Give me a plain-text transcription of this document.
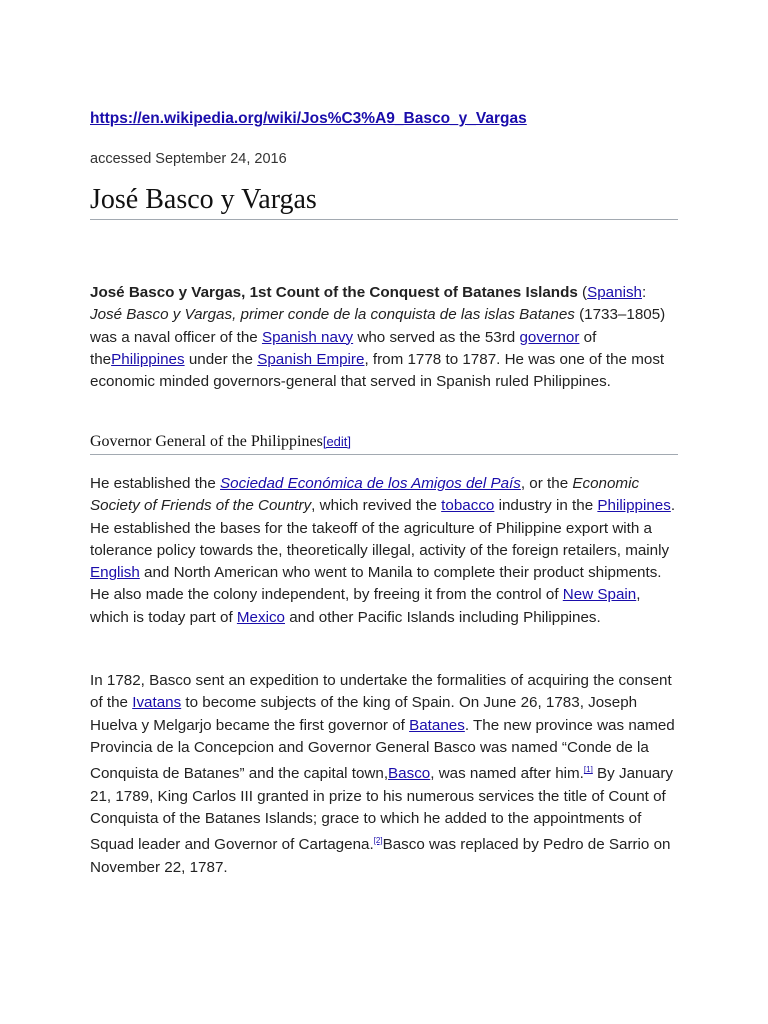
https://en.wikipedia.org/wiki/Jos%C3%A9_Basco_y_Vargas
accessed September 24, 2016
José Basco y Vargas

José Basco y Vargas, 1st Count of the Conquest of Batanes Islands (Spanish: José Basco y Vargas, primer conde de la conquista de las islas Batanes (1733–1805) was a naval officer of the Spanish navy who served as the 53rd governor of thePhilippines under the Spanish Empire, from 1778 to 1787. He was one of the most economic minded governors-general that served in Spanish ruled Philippines.

Governor General of the Philippines[edit]

He established the Sociedad Económica de los Amigos del País, or the Economic Society of Friends of the Country, which revived the tobacco industry in the Philippines. He established the bases for the takeoff of the agriculture of Philippine export with a tolerance policy towards the, theoretically illegal, activity of the foreign retailers, mainly English and North American who went to Manila to complete their product shipments. He also made the colony independent, by freeing it from the control of New Spain, which is today part of Mexico and other Pacific Islands including Philippines.

In 1782, Basco sent an expedition to undertake the formalities of acquiring the consent of the Ivatans to become subjects of the king of Spain. On June 26, 1783, Joseph Huelva y Melgarjo became the first governor of Batanes. The new province was named Provincia de la Concepcion and Governor General Basco was named “Conde de la Conquista de Batanes” and the capital town,Basco, was named after him.[1] By January 21, 1789, King Carlos III granted in prize to his numerous services the title of Count of Conquista of the Batanes Islands; grace to which he added to the appointments of Squad leader and Governor of Cartagena.[2]Basco was replaced by Pedro de Sarrio on November 22, 1787.
